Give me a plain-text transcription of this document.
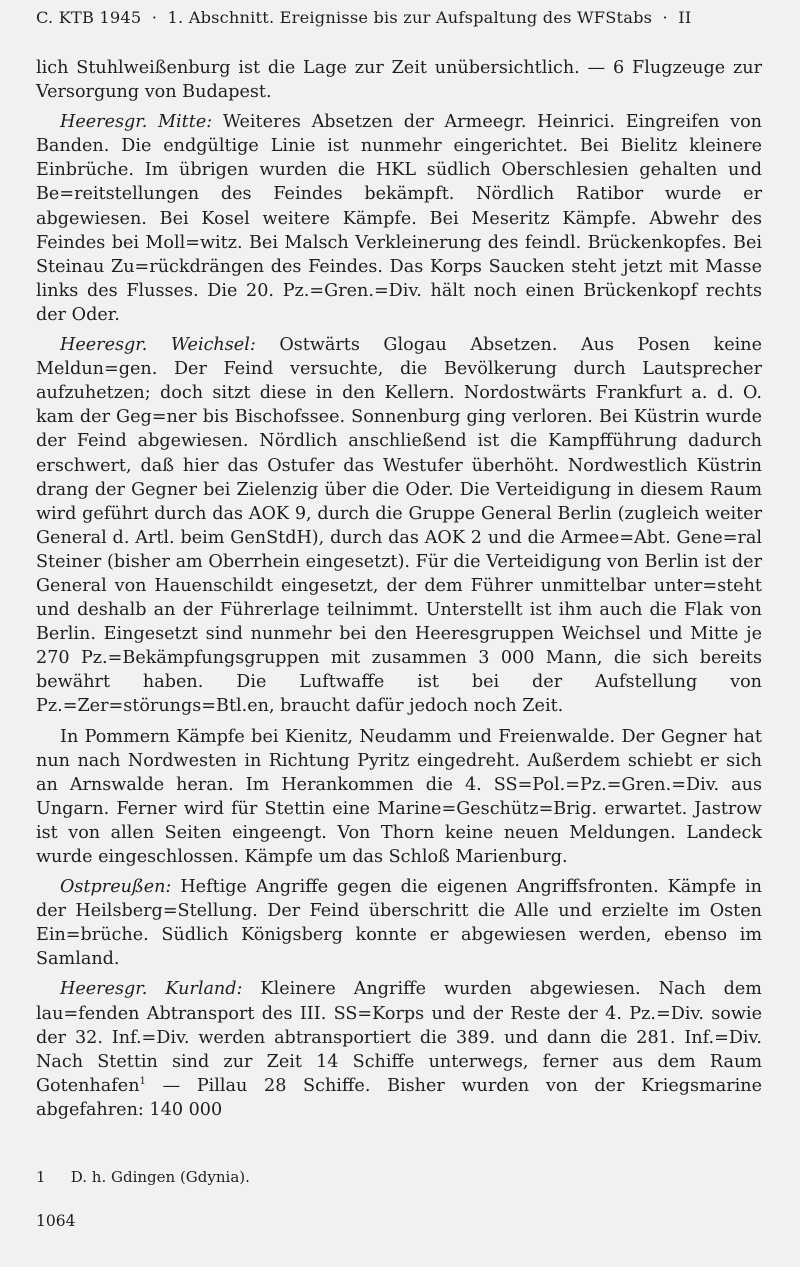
C. KTB 1945 · 1. Abschnitt. Ereignisse bis zur Aufspaltung des WFStabs · II

lich Stuhlweißenburg ist die Lage zur Zeit unübersichtlich. — 6 Flugzeuge zur Versorgung von Budapest.

Heeresgr. Mitte: Weiteres Absetzen der Armeegr. Heinrici. Eingreifen von Banden. Die endgültige Linie ist nunmehr eingerichtet. Bei Bielitz kleinere Einbrüche. Im übrigen wurden die HKL südlich Oberschlesien gehalten und Be=reitstellungen des Feindes bekämpft. Nördlich Ratibor wurde er abgewiesen. Bei Kosel weitere Kämpfe. Bei Meseritz Kämpfe. Abwehr des Feindes bei Moll=witz. Bei Malsch Verkleinerung des feindl. Brückenkopfes. Bei Steinau Zu=rückdrängen des Feindes. Das Korps Saucken steht jetzt mit Masse links des Flusses. Die 20. Pz.=Gren.=Div. hält noch einen Brückenkopf rechts der Oder.

Heeresgr. Weichsel: Ostwärts Glogau Absetzen. Aus Posen keine Meldun=gen. Der Feind versuchte, die Bevölkerung durch Lautsprecher aufzuhetzen; doch sitzt diese in den Kellern. Nordostwärts Frankfurt a. d. O. kam der Geg=ner bis Bischofssee. Sonnenburg ging verloren. Bei Küstrin wurde der Feind abgewiesen. Nördlich anschließend ist die Kampfführung dadurch erschwert, daß hier das Ostufer das Westufer überhöht. Nordwestlich Küstrin drang der Gegner bei Zielenzig über die Oder. Die Verteidigung in diesem Raum wird geführt durch das AOK 9, durch die Gruppe General Berlin (zugleich weiter General d. Artl. beim GenStdH), durch das AOK 2 und die Armee=Abt. Gene=ral Steiner (bisher am Oberrhein eingesetzt). Für die Verteidigung von Berlin ist der General von Hauenschildt eingesetzt, der dem Führer unmittelbar unter=steht und deshalb an der Führerlage teilnimmt. Unterstellt ist ihm auch die Flak von Berlin. Eingesetzt sind nunmehr bei den Heeresgruppen Weichsel und Mitte je 270 Pz.=Bekämpfungsgruppen mit zusammen 3 000 Mann, die sich bereits bewährt haben. Die Luftwaffe ist bei der Aufstellung von Pz.=Zer=störungs=Btl.en, braucht dafür jedoch noch Zeit.

In Pommern Kämpfe bei Kienitz, Neudamm und Freienwalde. Der Gegner hat nun nach Nordwesten in Richtung Pyritz eingedreht. Außerdem schiebt er sich an Arnswalde heran. Im Herankommen die 4. SS=Pol.=Pz.=Gren.=Div. aus Ungarn. Ferner wird für Stettin eine Marine=Geschütz=Brig. erwartet. Jastrow ist von allen Seiten eingeengt. Von Thorn keine neuen Meldungen. Landeck wurde eingeschlossen. Kämpfe um das Schloß Marienburg.

Ostpreußen: Heftige Angriffe gegen die eigenen Angriffsfronten. Kämpfe in der Heilsberg=Stellung. Der Feind überschritt die Alle und erzielte im Osten Ein=brüche. Südlich Königsberg konnte er abgewiesen werden, ebenso im Samland.

Heeresgr. Kurland: Kleinere Angriffe wurden abgewiesen. Nach dem lau=fenden Abtransport des III. SS=Korps und der Reste der 4. Pz.=Div. sowie der 32. Inf.=Div. werden abtransportiert die 389. und dann die 281. Inf.=Div. Nach Stettin sind zur Zeit 14 Schiffe unterwegs, ferner aus dem Raum Gotenhafen$^1$ — Pillau 28 Schiffe. Bisher wurden von der Kriegsmarine abgefahren: 140 000

1 D. h. Gdingen (Gdynia).
1064
